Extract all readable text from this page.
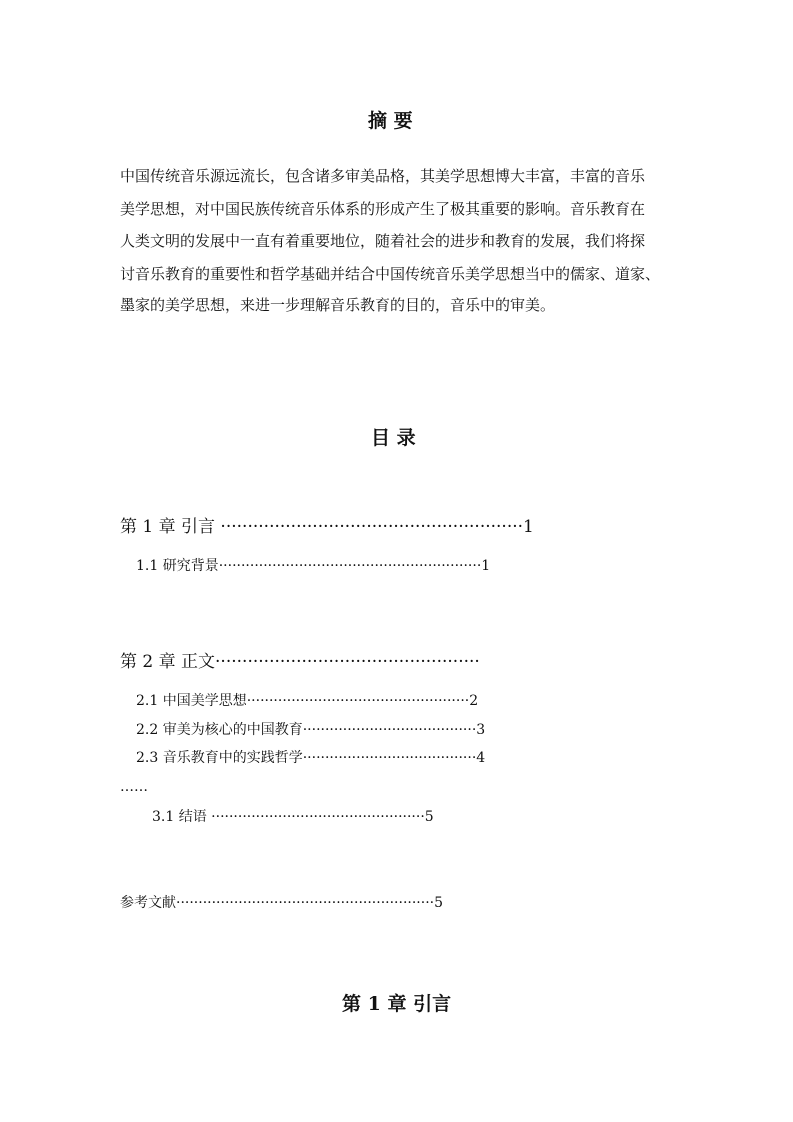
摘 要
中国传统音乐源远流长，包含诸多审美品格，其美学思想博大丰富，丰富的音乐
美学思想，对中国民族传统音乐体系的形成产生了极其重要的影响。音乐教育在
人类文明的发展中一直有着重要地位，随着社会的进步和教育的发展，我们将探
讨音乐教育的重要性和哲学基础并结合中国传统音乐美学思想当中的儒家、道家、
墨家的美学思想，来进一步理解音乐教育的目的，音乐中的审美。
目 录
第 1 章 引言 ························································1
1.1 研究背景···························································1
第 2 章 正文·················································
2.1 中国美学思想··················································2
2.2 审美为核心的中国教育·······································3
2.3 音乐教育中的实践哲学·······································4
……
3.1 结语 ················································5
参考文献··························································5
第 1 章 引言
